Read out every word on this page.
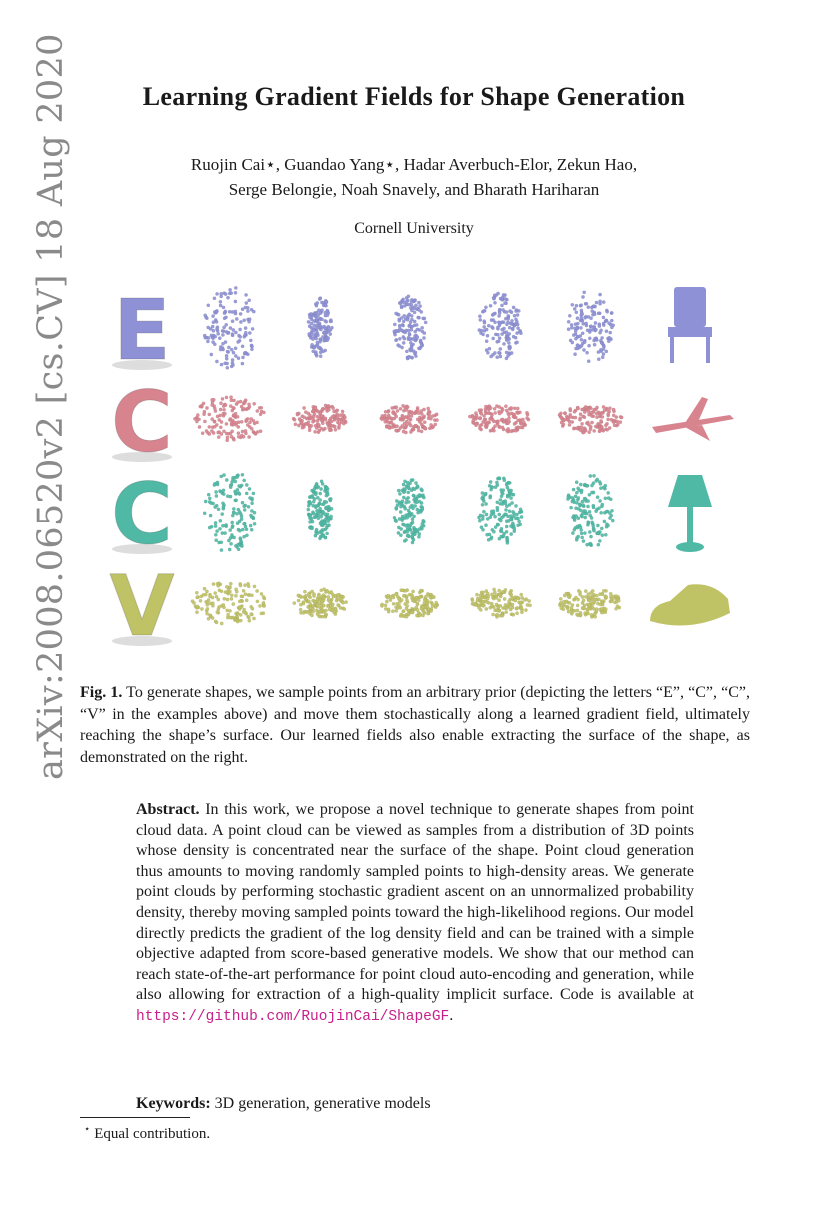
arXiv:2008.06520v2 [cs.CV] 18 Aug 2020	Learning Gradient Fields for Shape Generation
Ruojin Cai⋆, Guandao Yang⋆, Hadar Averbuch-Elor, Zekun Hao,
Serge Belongie, Noah Snavely, and Bharath Hariharan
Cornell University
E
C
C
V
Fig. 1. To generate shapes, we sample points from an arbitrary prior (depicting the letters “E”, “C”, “C”, “V” in the examples above) and move them stochastically along a learned gradient field, ultimately reaching the shape’s surface. Our learned fields also enable extracting the surface of the shape, as demonstrated on the right.
Abstract. In this work, we propose a novel technique to generate shapes from point cloud data. A point cloud can be viewed as samples from a distribution of 3D points whose density is concentrated near the surface of the shape. Point cloud generation thus amounts to moving randomly sampled points to high-density areas. We generate point clouds by performing stochastic gradient ascent on an unnormalized probability density, thereby moving sampled points toward the high-likelihood regions. Our model directly predicts the gradient of the log density field and can be trained with a simple objective adapted from score-based generative models. We show that our method can reach state-of-the-art performance for point cloud auto-encoding and generation, while also allowing for extraction of a high-quality implicit surface. Code is available at https://github.com/RuojinCai/ShapeGF.
Keywords: 3D generation, generative models
⋆ Equal contribution.
